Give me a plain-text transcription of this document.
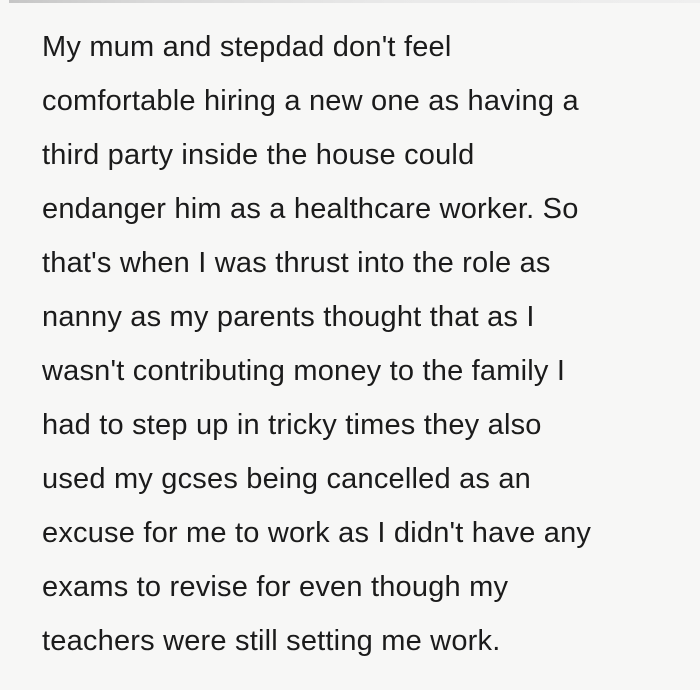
My mum and stepdad don't feel
comfortable hiring a new one as having a
third party inside the house could
endanger him as a healthcare worker. So
that's when I was thrust into the role as
nanny as my parents thought that as I
wasn't contributing money to the family I
had to step up in tricky times they also
used my gcses being cancelled as an
excuse for me to work as I didn't have any
exams to revise for even though my
teachers were still setting me work.
